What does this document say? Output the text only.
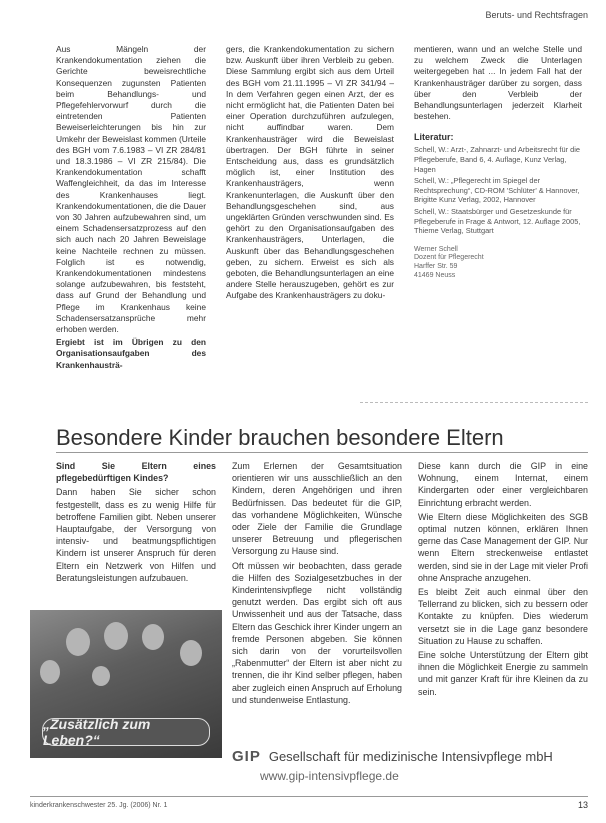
Beruts- und Rechtsfragen
Aus Mängeln der Krankendokumentation ziehen die Gerichte beweisrechtliche Konsequenzen zugunsten Patienten beim Behandlungs- und Pflegefehlervorwurf durch die eintretenden Patienten Beweiserleichterungen bis hin zur Umkehr der Beweislast kommen (Urteile des BGH vom 7.6.1983 – VI ZR 284/81 und 18.3.1986 – VI ZR 215/84). Die Krankendokumentation schafft Waffengleichheit, da das im Interesse des Krankenhauses liegt. Krankendokumentationen, die die Dauer von 30 Jahren aufzubewahren sind, um einem Schadensersatzprozess auf den sich auch nach 20 Jahren Beweislage keine Nachteile rechnen zu müssen. Folglich ist es notwendig, Krankendokumentationen mindestens solange aufzubewahren, bis feststeht, dass auf Grund der Behandlung und Pflege im Krankenhaus keine Schadensersatzansprüche mehr erhoben werden.
Ergiebt ist im Übrigen zu den Organisationsaufgaben des Krankenhausträ-
gers, die Krankendokumentation zu sichern bzw. Auskunft über ihren Verbleib zu geben. Diese Sammlung ergibt sich aus dem Urteil des BGH vom 21.11.1995 – VI ZR 341/94 – In dem Verfahren gegen einen Arzt, der es nicht ermöglicht hat, die Patienten Daten bei einer Operation durchzuführen aufzulegen, nicht auffindbar waren. Dem Krankenhausträger wird die Beweislast übertragen. Der BGH führte in seiner Entscheidung aus, dass es grundsätzlich möglich ist, einer Institution des Krankenhausträgers, wenn Krankenunterlagen, die Auskunft über den Behandlungsgeschehen sind, aus ungeklärten Gründen verschwunden sind. Es gehört zu den Organisationsaufgaben des Krankenhausträgers, Unterlagen, die Auskunft über das Behandlungsgeschehen geben, zu sichern. Erweist es sich als geboten, die Behandlungsunterlagen an eine andere Stelle herauszugeben, gehört es zur Aufgabe des Krankenhausträgers zu doku-
mentieren, wann und an welche Stelle und zu welchem Zweck die Unterlagen weitergegeben hat ... In jedem Fall hat der Krankenhausträger darüber zu sorgen, dass über den Verbleib der Behandlungsunterlagen jederzeit Klarheit bestehen.
Literatur:

Schell, W.: Arzt-, Zahnarzt- und Arbeitsrecht für die Pflegeberufe, Band 6, 4. Auflage, Kunz Verlag, Hagen

Schell, W.: „Pflegerecht im Spiegel der Rechtsprechung“, CD-ROM 'Schlüter' & Hannover, Brigitte Kunz Verlag, 2002, Hannover

Schell, W.: Staatsbürger und Gesetzeskunde für Pflegeberufe in Frage & Antwort, 12. Auflage 2005, Thieme Verlag, Stuttgart

Werner Schell
Dozent für Pflegerecht
Harffer Str. 59
41469 Neuss
Besondere Kinder brauchen besondere Eltern

Sind Sie Eltern eines pflegebedürftigen Kindes?

Dann haben Sie sicher schon festgestellt, dass es zu wenig Hilfe für betroffene Familien gibt. Neben unserer Hauptaufgabe, der Versorgung von intensiv- und beatmungspflichtigen Kindern ist unserer Anspruch für deren Eltern ein Netzwerk von Hilfen und Beratungsleistungen aufzubauen.

Zum Erlernen der Gesamtsituation orientieren wir uns ausschließlich an den Kindern, deren Angehörigen und ihren Bedürfnissen. Das bedeutet für die GIP, das vorhandene Möglichkeiten, Wünsche oder Ziele der Familie die Grundlage unserer Betreuung und pflegerischen Versorgung zu Hause sind.

Oft müssen wir beobachten, dass gerade die Hilfen des Sozialgesetzbuches in der Kinderintensivpflege nicht vollständig genutzt werden. Das ergibt sich oft aus Unwissenheit und aus der Tatsache, dass Eltern das Geschick ihrer Kinder ungern an fremde Personen abgeben. Sie können sich darin von der vorurteilsvollen „Rabenmutter“ der Eltern ist aber nicht zu trennen, die ihr Kind selber pflegen, haben aber zugleich einen Anspruch auf Erholung und stundenweise Entlastung.

Diese kann durch die GIP in eine Wohnung, einem Internat, einem Kindergarten oder einer vergleichbaren Einrichtung erbracht werden.

Wie Eltern diese Möglichkeiten des SGB optimal nutzen können, erklären Ihnen gerne das Case Management der GIP. Nur wenn Eltern streckenweise entlastet werden, sind sie in der Lage mit vieler Profi ohne Ansprache anzugehen.

Es bleibt Zeit auch einmal über den Tellerrand zu blicken, sich zu bessern oder Kontakte zu knüpfen. Dies wiederum versetzt sie in die Lage ganz besondere Situation zu Hause zu schaffen.

Eine solche Unterstützung der Eltern gibt ihnen die Möglichkeit Energie zu sammeln und mit ganzer Kraft für ihre Kleinen da zu sein.

„Zusätzlich zum Leben?“
GIP Gesellschaft für medizinische Intensivpflege mbH
www.gip-intensivpflege.de
kinderkrankenschwester 25. Jg. (2006) Nr. 1	13
